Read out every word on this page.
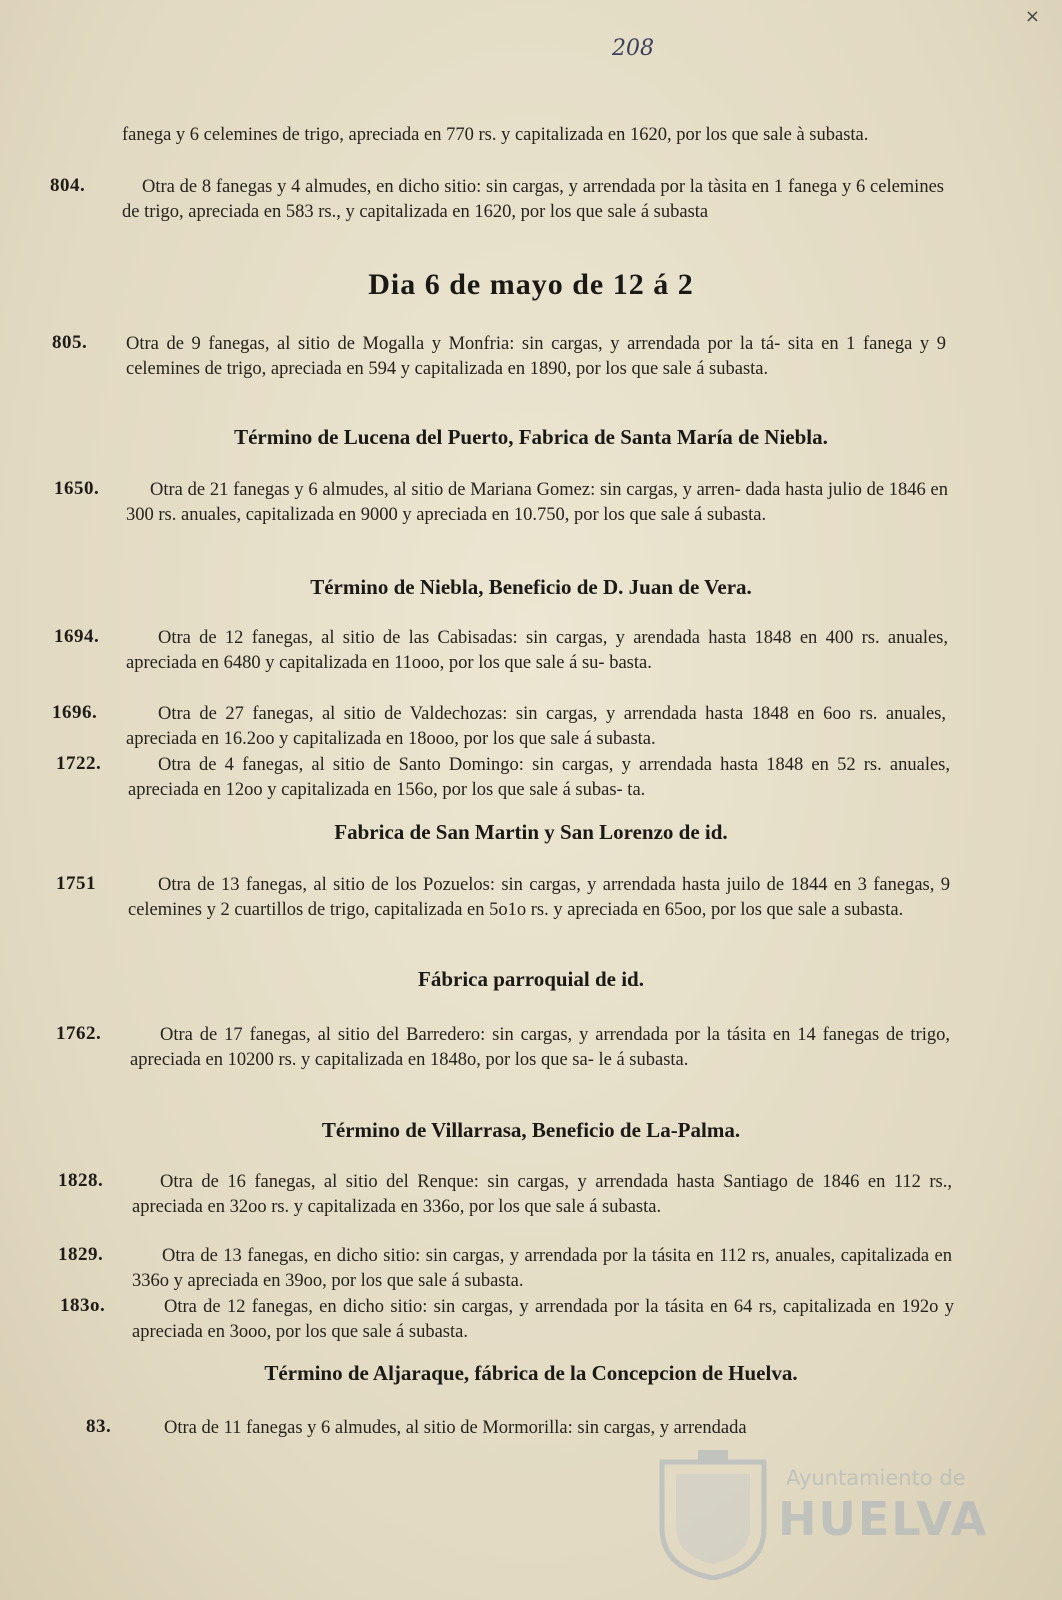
×
208
fanega y 6 celemines de trigo, apreciada en 770 rs. y capitalizada en 1620, por los que sale à subasta.
804.	Otra de 8 fanegas y 4 almudes, en dicho sitio: sin cargas, y arrendada por la tàsita en 1 fanega y 6 celemines de trigo, apreciada en 583 rs., y capitalizada en 1620, por los que sale á subasta
Dia 6 de mayo de 12 á 2
805. Otra de 9 fanegas, al sitio de Mogalla y Monfria: sin cargas, y arrendada por la tá- sita en 1 fanega y 9 celemines de trigo, apreciada en 594 y capitalizada en 1890, por los que sale á subasta.
Término de Lucena del Puerto, Fabrica de Santa María de Niebla.
1650.	Otra de 21 fanegas y 6 almudes, al sitio de Mariana Gomez: sin cargas, y arren- dada hasta julio de 1846 en 300 rs. anuales, capitalizada en 9000 y apreciada en 10.750, por los que sale á subasta.
Término de Niebla, Beneficio de D. Juan de Vera.
1694.	Otra de 12 fanegas, al sitio de las Cabisadas: sin cargas, y arendada hasta 1848 en 400 rs. anuales, apreciada en 6480 y capitalizada en 11ooo, por los que sale á su- basta.
1696.	Otra de 27 fanegas, al sitio de Valdechozas: sin cargas, y arrendada hasta 1848 en 6oo rs. anuales, apreciada en 16.2oo y capitalizada en 18ooo, por los que sale á subasta.
1722.	Otra de 4 fanegas, al sitio de Santo Domingo: sin cargas, y arrendada hasta 1848 en 52 rs. anuales, apreciada en 12oo y capitalizada en 156o, por los que sale á subas- ta.
Fabrica de San Martin y San Lorenzo de id.
1751	Otra de 13 fanegas, al sitio de los Pozuelos: sin cargas, y arrendada hasta juilo de 1844 en 3 fanegas, 9 celemines y 2 cuartillos de trigo, capitalizada en 5o1o rs. y apreciada en 65oo, por los que sale a subasta.
Fábrica parroquial de id.
1762.	Otra de 17 fanegas, al sitio del Barredero: sin cargas, y arrendada por la tásita en 14 fanegas de trigo, apreciada en 10200 rs. y capitalizada en 1848o, por los que sa- le á subasta.
Término de Villarrasa, Beneficio de La-Palma.
1828.	Otra de 16 fanegas, al sitio del Renque: sin cargas, y arrendada hasta Santiago de 1846 en 112 rs., apreciada en 32oo rs. y capitalizada en 336o, por los que sale á subasta.
1829.	Otra de 13 fanegas, en dicho sitio: sin cargas, y arrendada por la tásita en 112 rs, anuales, capitalizada en 336o y apreciada en 39oo, por los que sale á subasta.
183o.	Otra de 12 fanegas, en dicho sitio: sin cargas, y arrendada por la tásita en 64 rs, capitalizada en 192o y apreciada en 3ooo, por los que sale á subasta.
Término de Aljaraque, fábrica de la Concepcion de Huelva.
83.	Otra de 11 fanegas y 6 almudes, al sitio de Mormorilla: sin cargas, y arrendada
Ayuntamiento de
HUELVA
